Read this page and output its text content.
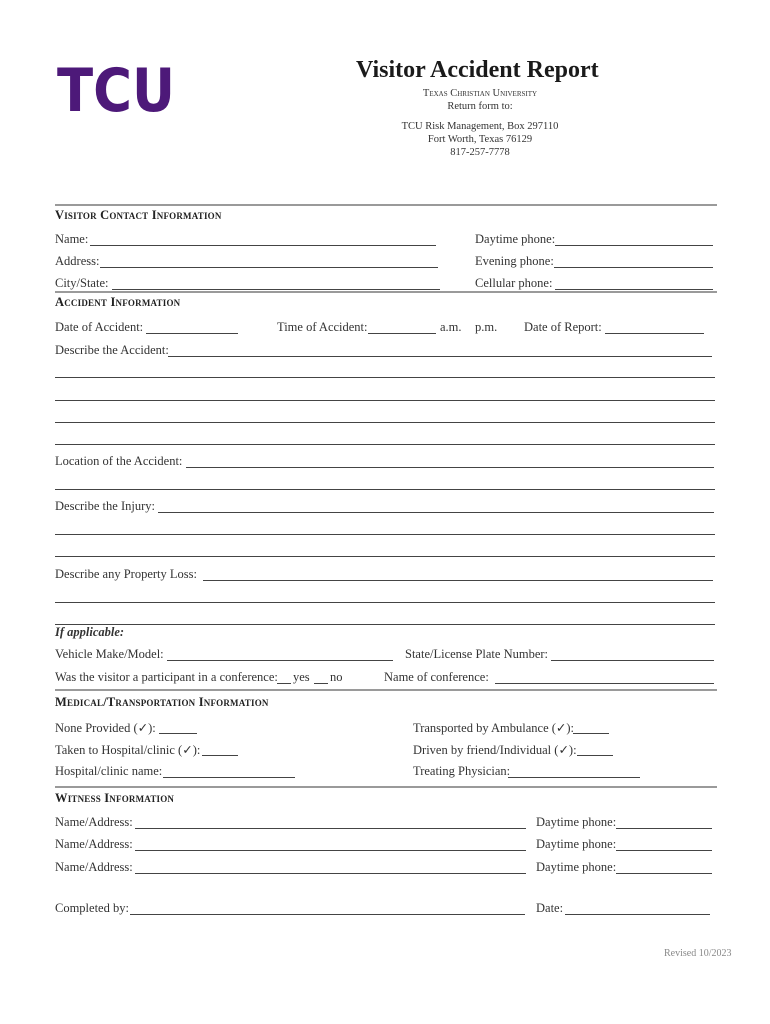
TCU	Visitor Accident Report
Texas Christian University
Return form to:
TCU Risk Management, Box 297110
Fort Worth, Texas 76129
817-257-7778
Visitor Contact Information
Name:	Daytime phone:
Address:	Evening phone:
City/State:	Cellular phone:
Accident Information
Date of Accident:	Time of Accident:	a.m. p.m. Date of Report:
Describe the Accident:
Location of the Accident:
Describe the Injury:
Describe any Property Loss:
If applicable:
Vehicle Make/Model:	State/License Plate Number:
Was the visitor a participant in a conference: yes no	Name of conference:
Medical/Transportation Information
None Provided (✓):	Transported by Ambulance (✓):
Taken to Hospital/clinic (✓):	Driven by friend/Individual (✓):
Hospital/clinic name:	Treating Physician:
Witness Information
Name/Address:	Daytime phone:
Name/Address:	Daytime phone:
Name/Address:	Daytime phone:
Completed by:	Date:
Revised 10/2023
